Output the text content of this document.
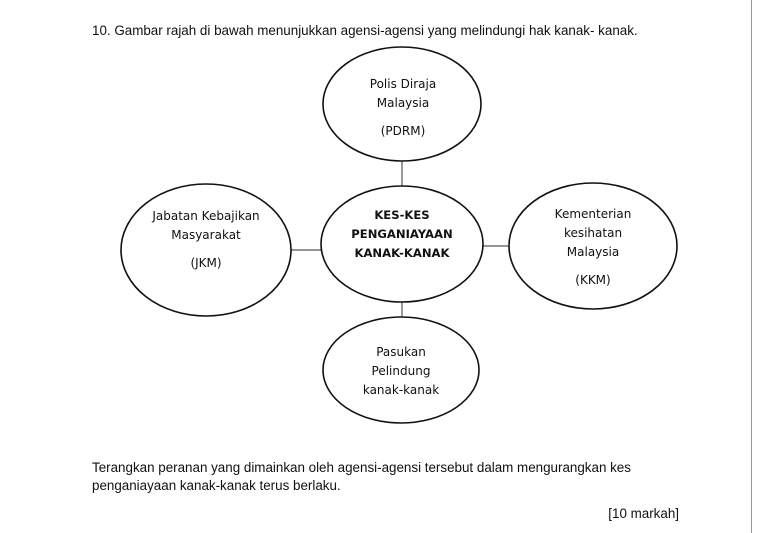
10. Gambar rajah di bawah menunjukkan agensi-agensi yang melindungi hak kanak- kanak.
Polis Diraja
Malaysia
(PDRM)
Jabatan Kebajikan
Masyarakat
(JKM)
KES-KES
PENGANIAYAAN
KANAK-KANAK
Kementerian
kesihatan
Malaysia
(KKM)
Pasukan
Pelindung
kanak-kanak
Terangkan peranan yang dimainkan oleh agensi-agensi tersebut dalam mengurangkan kes penganiayaan kanak-kanak terus berlaku.
[10 markah]
